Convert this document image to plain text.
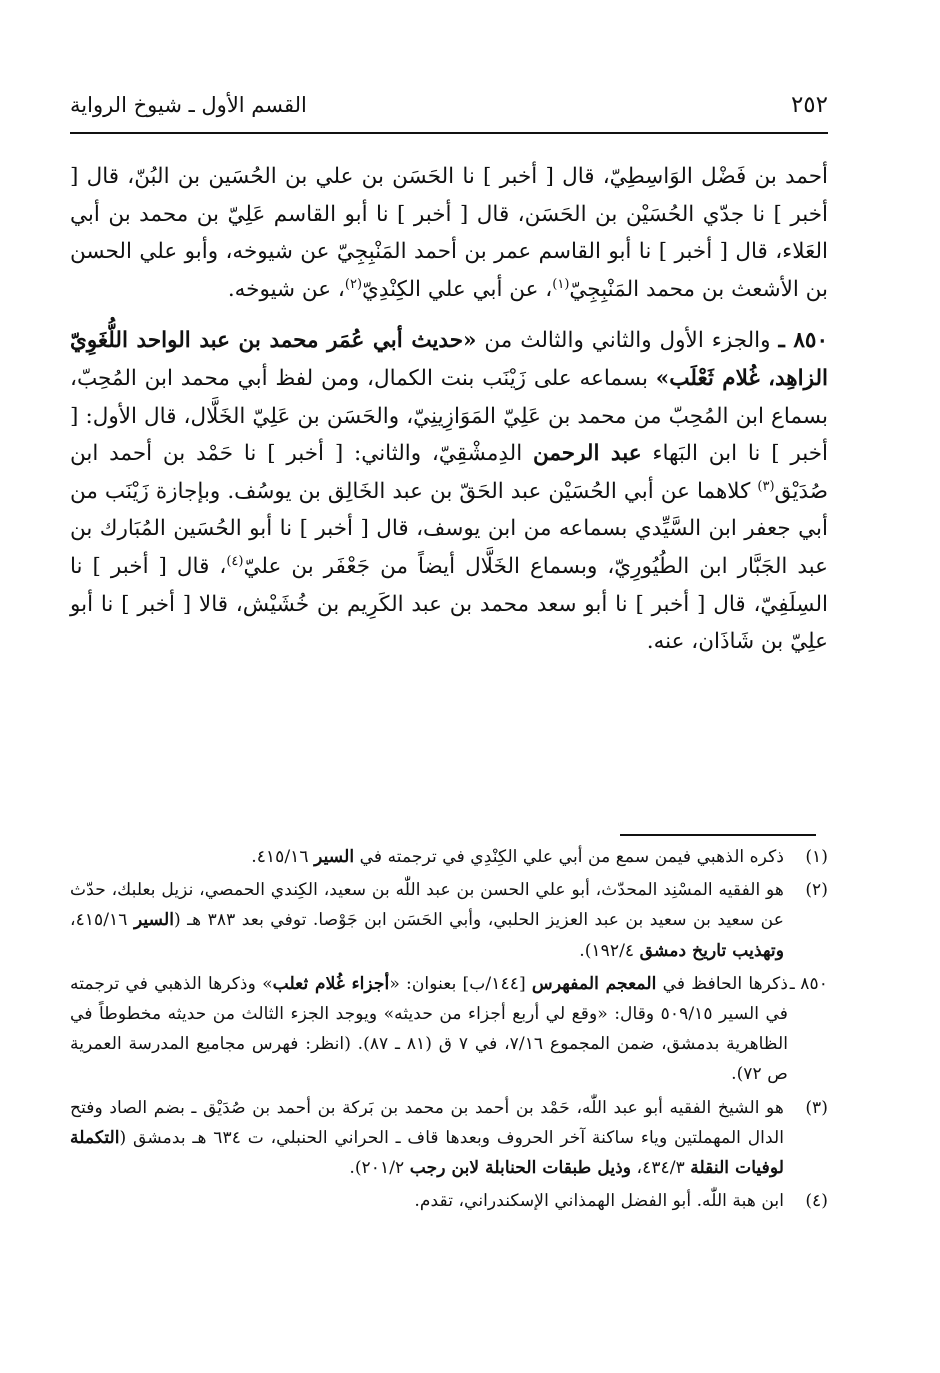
٢٥٢
القسم الأول ـ شيوخ الرواية

أحمد بن فَضْل الوَاسِطِيّ، قال [ أخبر ] نا الحَسَن بن علي بن الحُسَين بن البُنّ، قال [ أخبر ] نا جدّي الحُسَيْن بن الحَسَن، قال [ أخبر ] نا أبو القاسم عَلِيّ بن محمد بن أبي العَلاء، قال [ أخبر ] نا أبو القاسم عمر بن أحمد المَنْبِجِيّ عن شيوخه، وأبو علي الحسن بن الأشعث بن محمد المَنْبِجِيّ$^{(١)}$، عن أبي علي الكِنْدِيّ$^{(٢)}$، عن شيوخه.

٨٥٠ ـ والجزء الأول والثاني والثالث من «حديث أبي عُمَر محمد بن عبد الواحد اللُّغَوِيّ الزاهِد، غُلام ثَعْلَب» بسماعه على زَيْنَب بنت الكمال، ومن لفظ أبي محمد ابن المُحِبّ، بسماع ابن المُحِبّ من محمد بن عَلِيّ المَوَازِينِيّ، والحَسَن بن عَلِيّ الخَلَّال، قال الأول: [ أخبر ] نا ابن البَهاء عبد الرحمن الدِمشْقِيّ، والثاني: [ أخبر ] نا حَمْد بن أحمد ابن صُدَيْق$^{(٣)}$ كلاهما عن أبي الحُسَيْن عبد الحَقّ بن عبد الخَالِق بن يوسُف. وبإجازة زَيْنَب من أبي جعفر ابن السَّيِّدي بسماعه من ابن يوسف، قال [ أخبر ] نا أبو الحُسَين المُبَارك بن عبد الجَبَّار ابن الطُيُورِيّ، وبسماع الخَلَّال أيضاً من جَعْفَر بن عليّ$^{(٤)}$، قال [ أخبر ] نا السِلَفِيّ، قال [ أخبر ] نا أبو سعد محمد بن عبد الكَرِيم بن خُشَيْش، قالا [ أخبر ] نا أبو علِيّ بن شَاذَان، عنه.

(١)
ذكره الذهبي فيمن سمع من أبي علي الكِنْدِي في ترجمته في السير ٤١٥/١٦.
(٢)
هو الفقيه المسْنِد المحدّث، أبو علي الحسن بن عبد اللّٰه بن سعيد، الكِندي الحمصي، نزيل بعلبك، حدّث عن سعيد بن سعيد بن عبد العزيز الحلبي، وأبي الحَسَن ابن جَوْصا. توفي بعد ٣٨٣ هـ (السير ٤١٥/١٦، وتهذيب تاريخ دمشق ١٩٢/٤).
٨٥٠ ـ
ذكرها الحافظ في المعجم المفهرس [١٤٤/ب] بعنوان: «أجزاء غُلام ثعلب» وذكرها الذهبي في ترجمته في السير ٥٠٩/١٥ وقال: «وقع لي أربع أجزاء من حديثه» ويوجد الجزء الثالث من حديثه مخطوطاً في الظاهرية بدمشق، ضمن المجموع ٧/١٦، في ٧ ق (٨١ ـ ٨٧). (انظر: فهرس مجاميع المدرسة العمرية ص ٧٢).
(٣)
هو الشيخ الفقيه أبو عبد اللّٰه، حَمْد بن أحمد بن محمد بن بَركة بن أحمد بن صُدَيْق ـ بضم الصاد وفتح الدال المهملتين وياء ساكنة آخر الحروف وبعدها قاف ـ الحراني الحنبلي، ت ٦٣٤ هـ بدمشق (التكملة لوفيات النقلة ٤٣٤/٣، وذيل طبقات الحنابلة لابن رجب ٢٠١/٢).
(٤)
ابن هبة اللّٰه. أبو الفضل الهمذاني الإسكندراني، تقدم.
